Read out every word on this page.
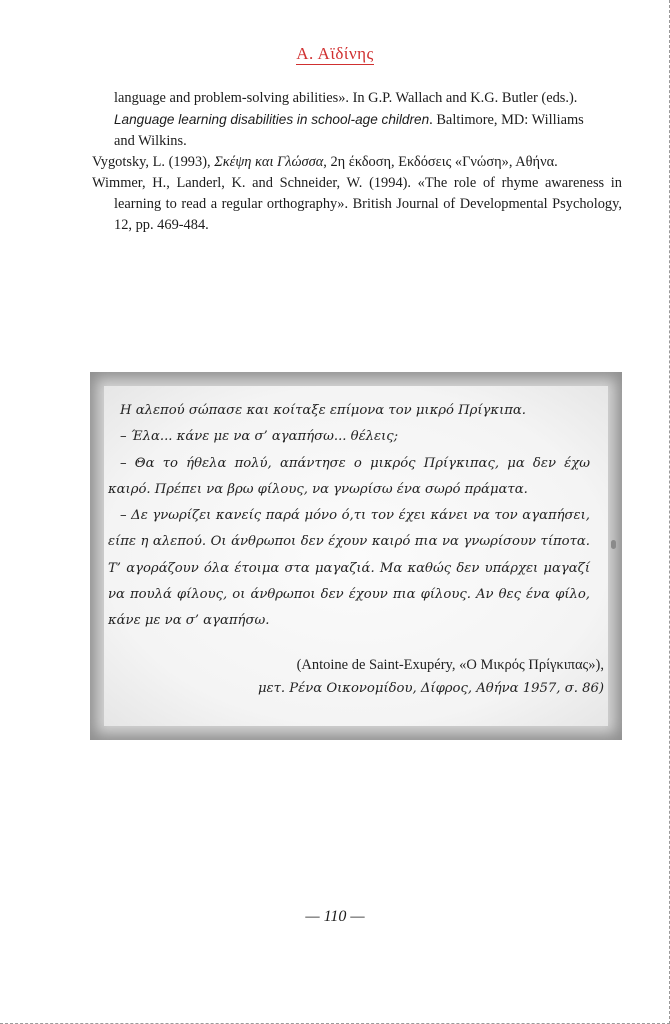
Α. Αϊδίνης

language and problem-solving abilities». In G.P. Wallach and K.G. Butler (eds.).
Language learning disabilities in school-age children. Baltimore, MD: Williams
and Wilkins.

Vygotsky, L. (1993), Σκέψη και Γλώσσα, 2η έκδοση, Εκδόσεις «Γνώση», Αθήνα.

Wimmer, H., Landerl, K. and Schneider, W. (1994). «The role of rhyme awareness in learning to read a regular orthography». British Journal of Developmental Psychology, 12, pp. 469-484.

Η αλεπού σώπασε και κοίταξε επίμονα τον μικρό Πρίγκιπα.

– Έλα... κάνε με να σ’ αγαπήσω... θέλεις;

– Θα το ήθελα πολύ, απάντησε ο μικρός Πρίγκιπας, μα δεν έχω καιρό. Πρέπει να βρω φίλους, να γνωρίσω ένα σωρό πράματα.

– Δε γνωρίζει κανείς παρά μόνο ό,τι τον έχει κάνει να τον αγαπήσει, είπε η αλεπού. Οι άνθρωποι δεν έχουν καιρό πια να γνωρίσουν τίποτα. Τ’ αγοράζουν όλα έτοιμα στα μαγαζιά. Μα καθώς δεν υπάρχει μαγαζί να πουλά φίλους, οι άνθρωποι δεν έχουν πια φίλους. Αν θες ένα φίλο, κάνε με να σ’ αγαπήσω.

(Antoine de Saint-Exupéry, «Ο Μικρός Πρίγκιπας»),
μετ. Ρένα Οικονομίδου, Δίφρος, Αθήνα 1957, σ. 86)
— 110 —
